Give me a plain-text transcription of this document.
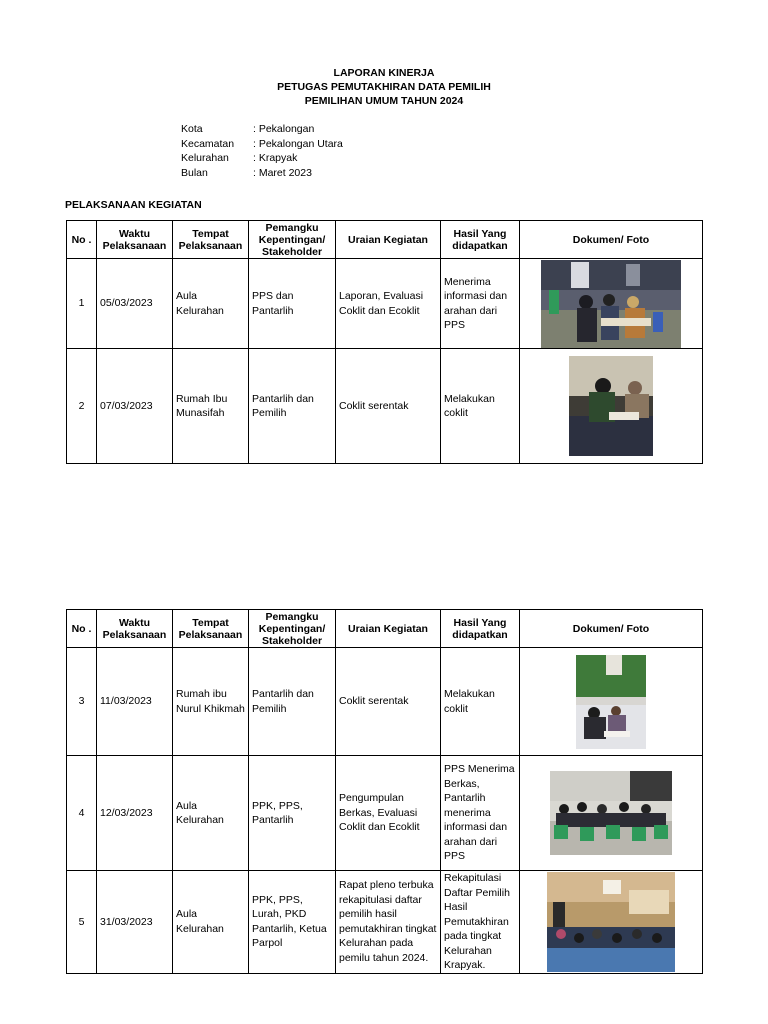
LAPORAN KINERJA
PETUGAS PEMUTAKHIRAN DATA PEMILIH
PEMILIHAN UMUM TAHUN 2024
Kota	: Pekalongan
Kecamatan	: Pekalongan Utara
Kelurahan	: Krapyak
Bulan	: Maret 2023
PELAKSANAAN KEGIATAN
No .	Waktu Pelaksanaan	Tempat Pelaksanaan	Pemangku Kepentingan/ Stakeholder	Uraian Kegiatan	Hasil Yang didapatkan	Dokumen/ Foto
1	05/03/2023	Aula Kelurahan	PPS dan Pantarlih	Laporan, Evaluasi Coklit dan Ecoklit	Menerima informasi dan arahan dari PPS	

2	07/03/2023	Rumah Ibu Munasifah	Pantarlih dan Pemilih	Coklit serentak	Melakukan coklit	
No .	Waktu Pelaksanaan	Tempat Pelaksanaan	Pemangku Kepentingan/ Stakeholder	Uraian Kegiatan	Hasil Yang didapatkan	Dokumen/ Foto
3	11/03/2023	Rumah ibu Nurul Khikmah	Pantarlih dan Pemilih	Coklit serentak	Melakukan coklit	

4	12/03/2023	Aula Kelurahan	PPK, PPS, Pantarlih	Pengumpulan Berkas, Evaluasi Coklit dan Ecoklit	PPS Menerima Berkas, Pantarlih menerima informasi dan arahan dari PPS	

5	31/03/2023	Aula Kelurahan	PPK, PPS, Lurah, PKD Pantarlih, Ketua Parpol	Rapat pleno terbuka rekapitulasi daftar pemilih hasil pemutakhiran tingkat Kelurahan pada pemilu tahun 2024.	Rekapitulasi Daftar Pemilih Hasil Pemutakhiran pada tingkat Kelurahan Krapyak.	
